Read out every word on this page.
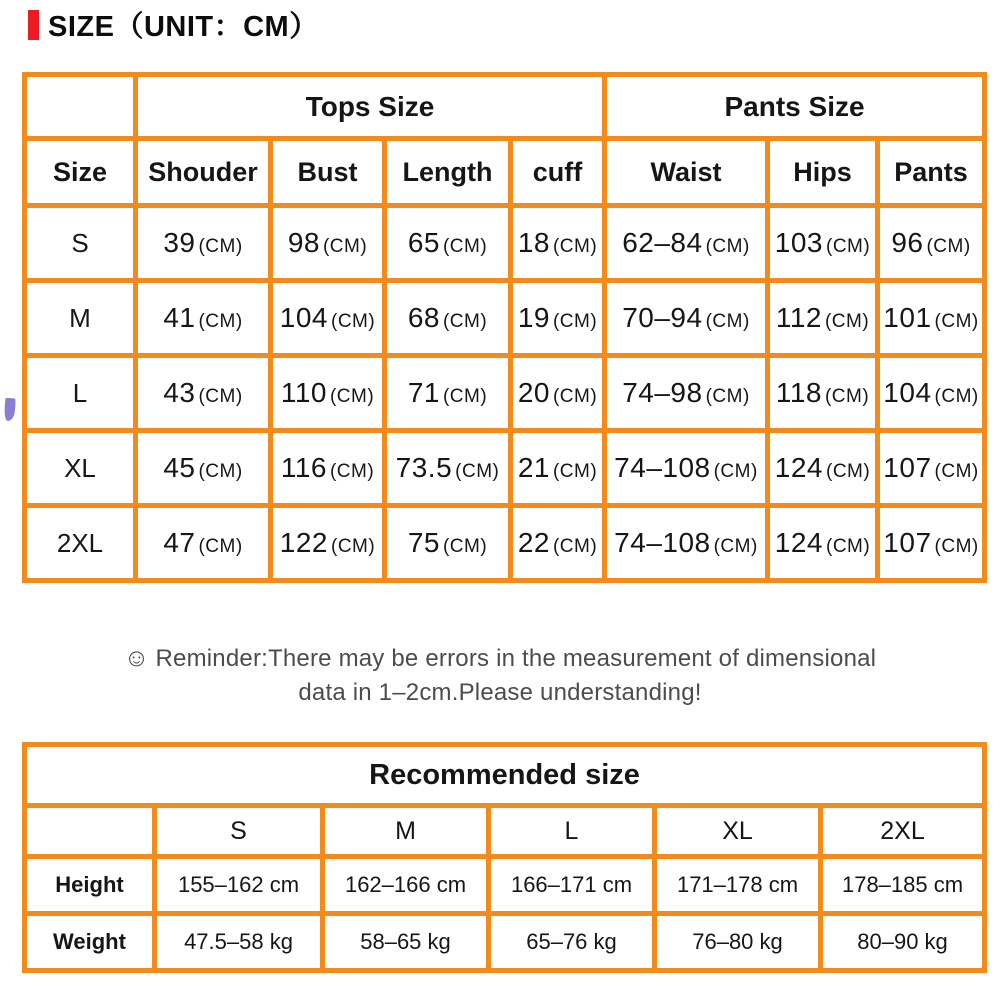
SIZE（UNIT：CM）
	Tops Size				Pants Size		
Size	Shouder	Bust	Length	cuff	Waist	Hips	Pants
S	39 (CM)	98 (CM)	65 (CM)	18 (CM)	62–84 (CM)	103 (CM)	96 (CM)
M	41 (CM)	104 (CM)	68 (CM)	19 (CM)	70–94 (CM)	112 (CM)	101 (CM)
L	43 (CM)	110 (CM)	71 (CM)	20 (CM)	74–98 (CM)	118 (CM)	104 (CM)
XL	45 (CM)	116 (CM)	73.5 (CM)	21 (CM)	74–108 (CM)	124 (CM)	107 (CM)
2XL	47 (CM)	122 (CM)	75 (CM)	22 (CM)	74–108 (CM)	124 (CM)	107 (CM)
☺ Reminder:There may be errors in the measurement of dimensional
data in 1–2cm.Please understanding!
Recommended size					
	S	M	L	XL	2XL
Height	155–162 cm	162–166 cm	166–171 cm	171–178 cm	178–185 cm
Weight	47.5–58 kg	58–65 kg	65–76 kg	76–80 kg	80–90 kg
